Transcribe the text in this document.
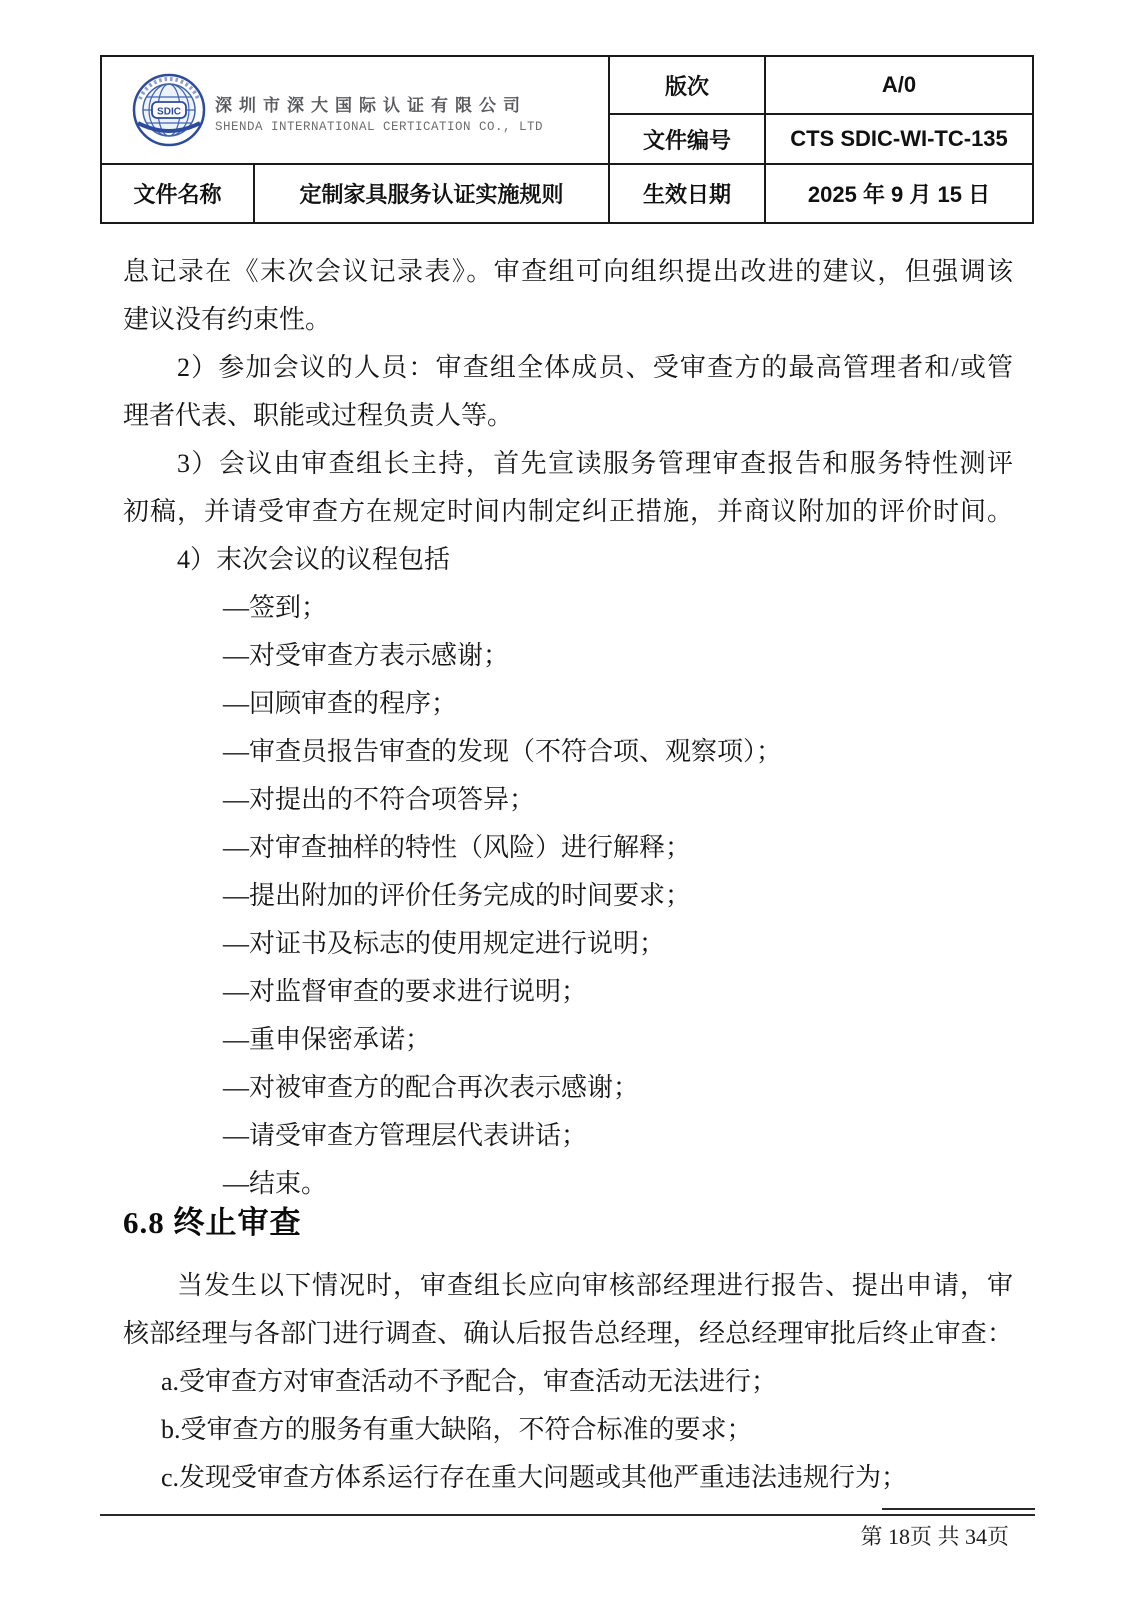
SDIC 深圳市深大国际认证有限公司
SHENDA INTERNATIONAL CERTICATION CO., LTD
版次	A/0
文件编号	CTS SDIC-WI-TC-135
文件名称	定制家具服务认证实施规则	生效日期	2025 年 9 月 15 日
息记录在《末次会议记录表》。审查组可向组织提出改进的建议，但强调该
建议没有约束性。
2）参加会议的人员：审查组全体成员、受审查方的最高管理者和/或管
理者代表、职能或过程负责人等。
3）会议由审查组长主持，首先宣读服务管理审查报告和服务特性测评
初稿，并请受审查方在规定时间内制定纠正措施，并商议附加的评价时间。
4）末次会议的议程包括
—签到；
—对受审查方表示感谢；
—回顾审查的程序；
—审查员报告审查的发现（不符合项、观察项）；
—对提出的不符合项答异；
—对审查抽样的特性（风险）进行解释；
—提出附加的评价任务完成的时间要求；
—对证书及标志的使用规定进行说明；
—对监督审查的要求进行说明；
—重申保密承诺；
—对被审查方的配合再次表示感谢；
—请受审查方管理层代表讲话；
—结束。
6.8 终止审查
当发生以下情况时，审查组长应向审核部经理进行报告、提出申请，审
核部经理与各部门进行调查、确认后报告总经理，经总经理审批后终止审查：
a.受审查方对审查活动不予配合，审查活动无法进行；
b.受审查方的服务有重大缺陷，不符合标准的要求；
c.发现受审查方体系运行存在重大问题或其他严重违法违规行为；
第 18页 共 34页
